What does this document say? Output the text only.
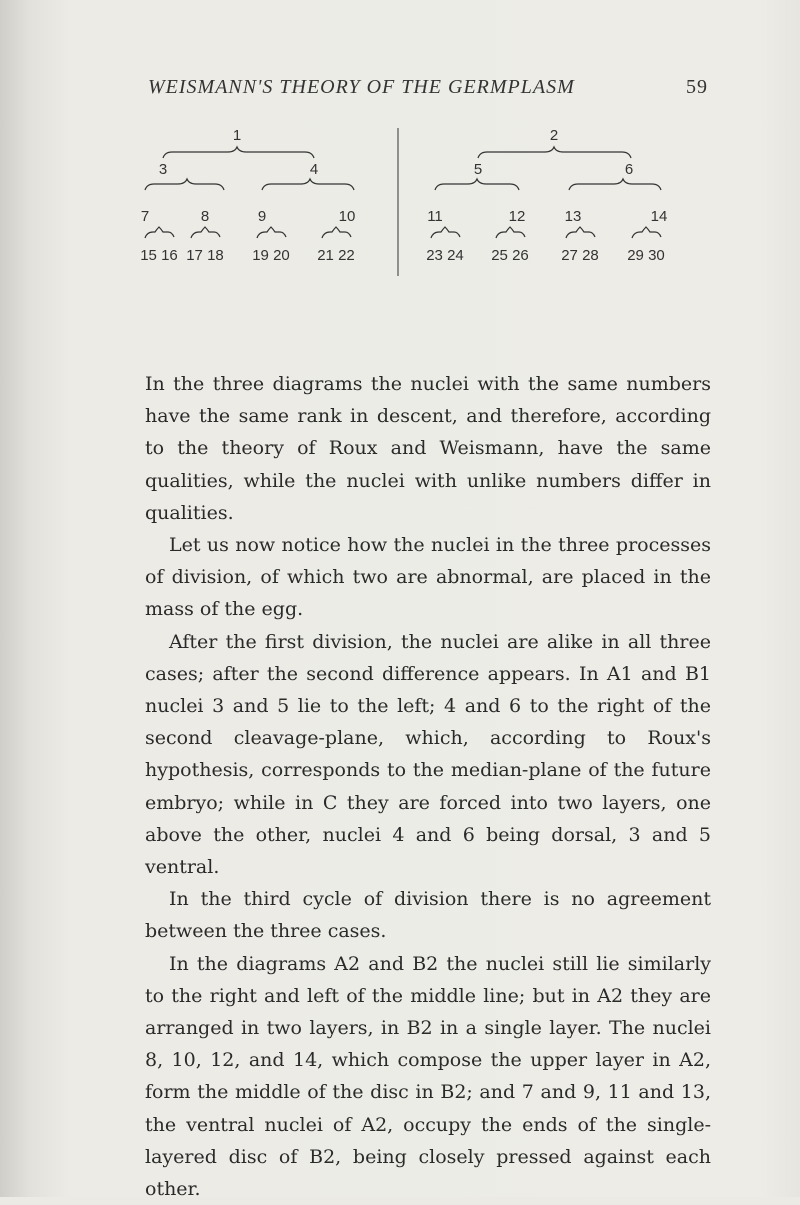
WEISMANN'S THEORY OF THE GERMPLASM	59
1
3	4
7	8	9	10
15 16 17 18 19 20 21 22
2
5	6
11	12	13	14
23 24 25 26 27 28 29 30

In the three diagrams the nuclei with the same numbers have the same rank in descent, and therefore, according to the theory of Roux and Weismann, have the same qualities, while the nuclei with unlike numbers differ in qualities.

Let us now notice how the nuclei in the three processes of division, of which two are abnormal, are placed in the mass of the egg.

After the first division, the nuclei are alike in all three cases; after the second difference appears. In A1 and B1 nuclei 3 and 5 lie to the left; 4 and 6 to the right of the second cleavage-plane, which, according to Roux's hypothesis, corresponds to the median-plane of the future embryo; while in C they are forced into two layers, one above the other, nuclei 4 and 6 being dorsal, 3 and 5 ventral.

In the third cycle of division there is no agreement between the three cases.

In the diagrams A2 and B2 the nuclei still lie similarly to the right and left of the middle line; but in A2 they are arranged in two layers, in B2 in a single layer. The nuclei 8, 10, 12, and 14, which compose the upper layer in A2, form the middle of the disc in B2; and 7 and 9, 11 and 13, the ventral nuclei of A2, occupy the ends of the single-layered disc of B2, being closely pressed against each other.
